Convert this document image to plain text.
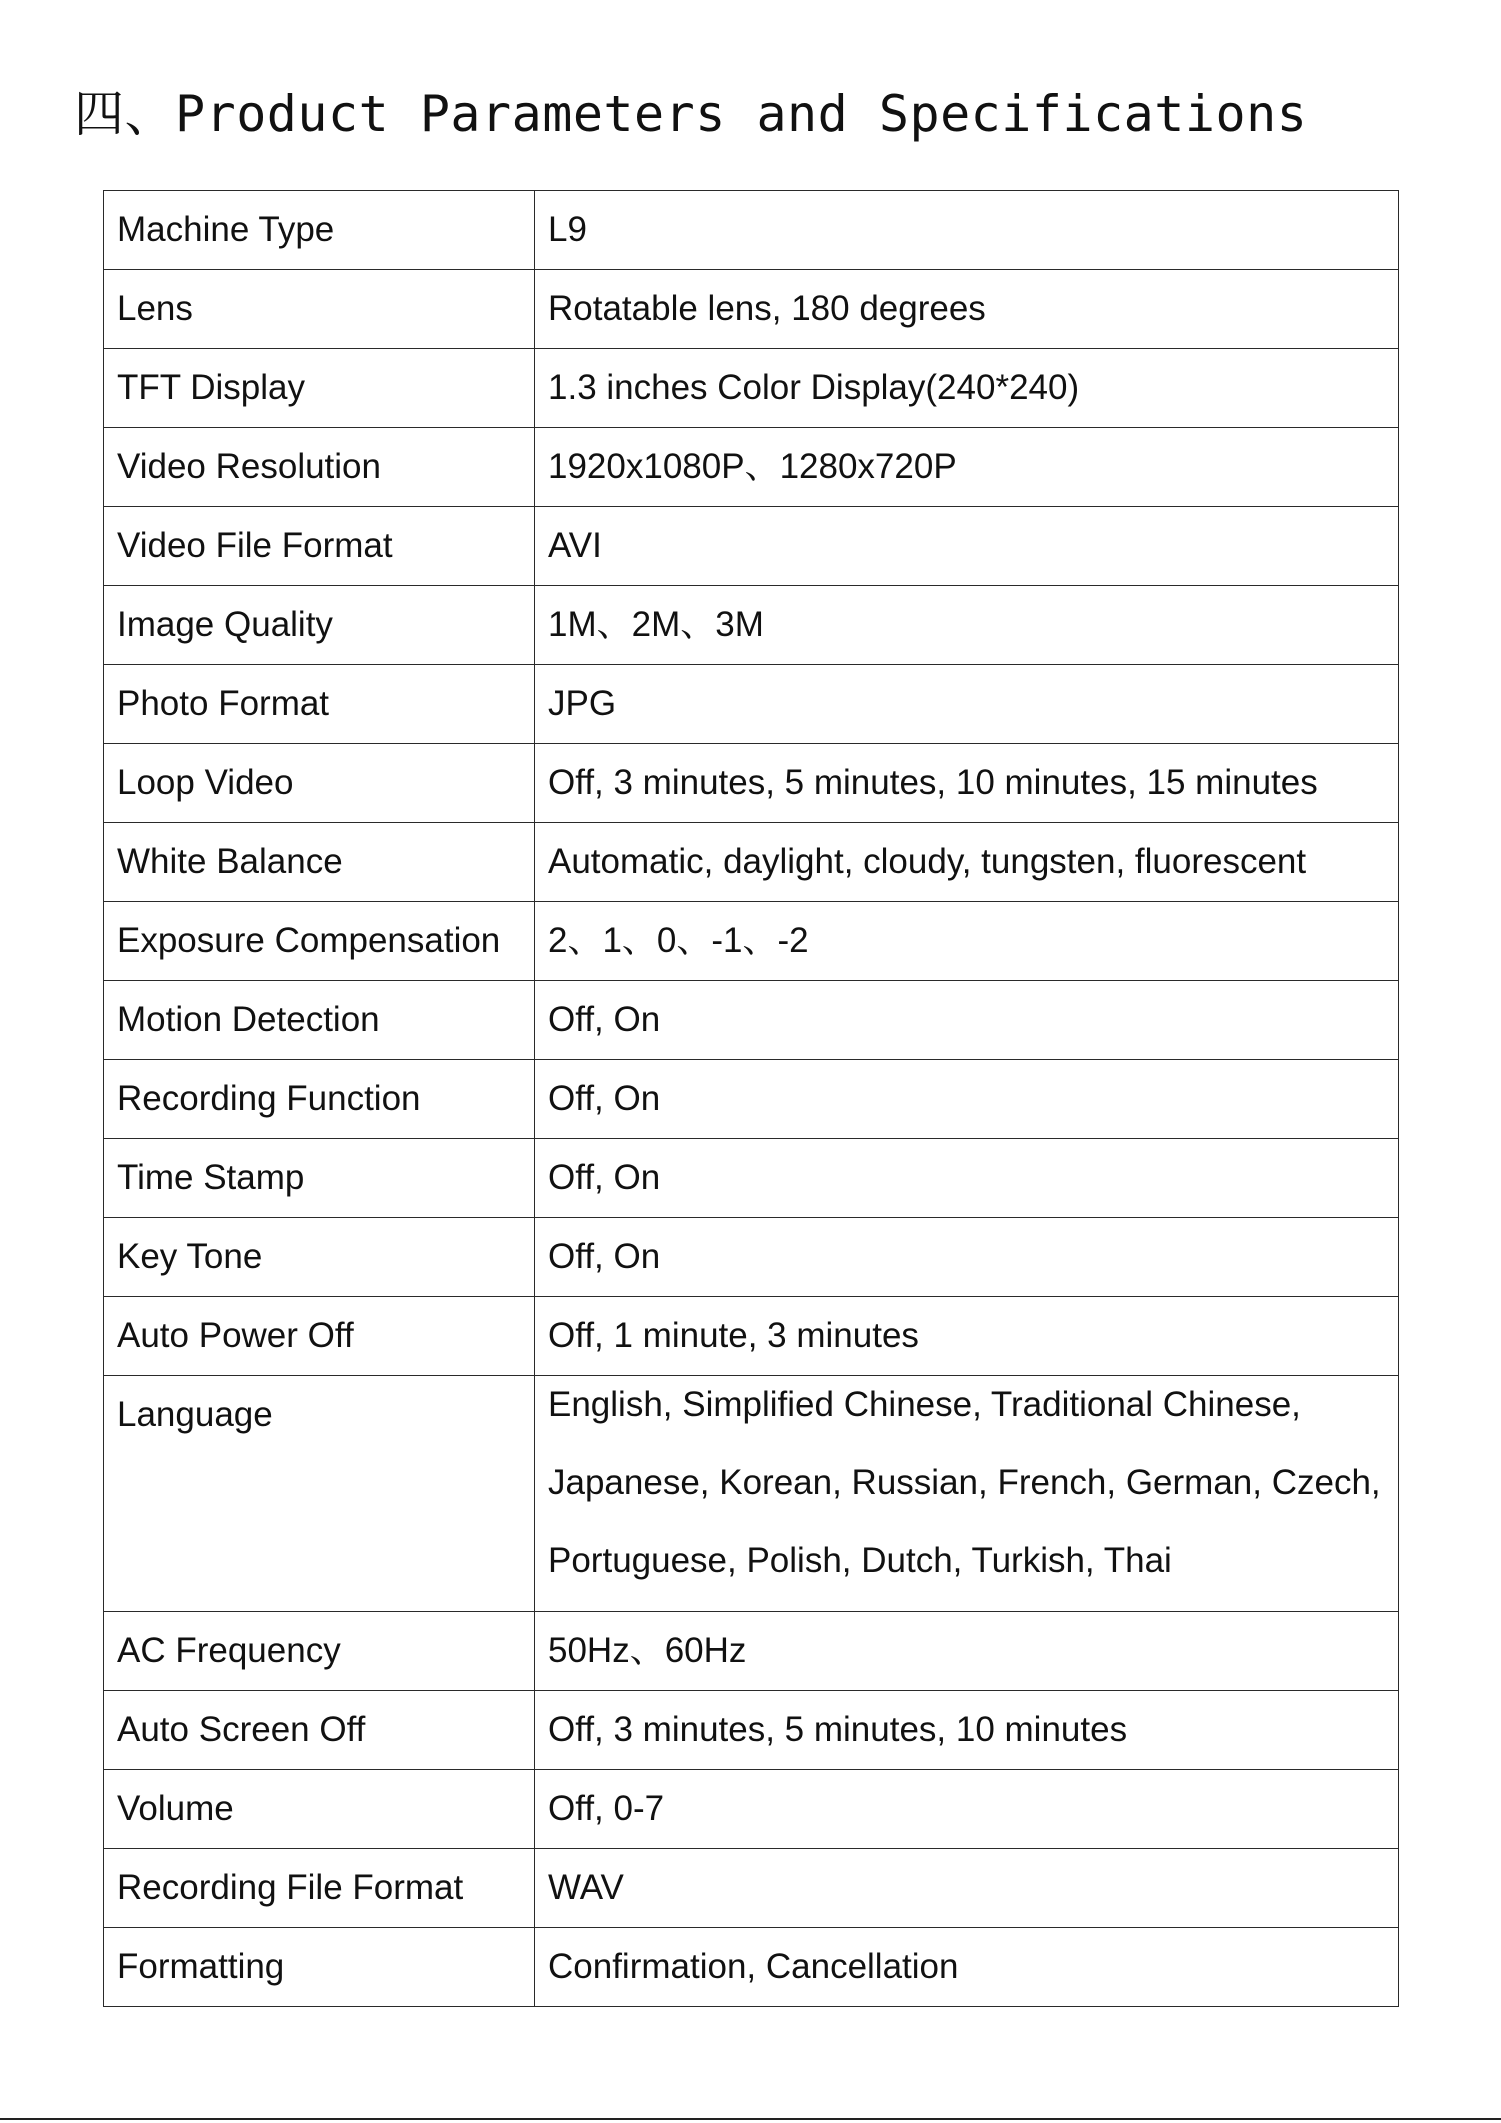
四、Product Parameters and Specifications
Machine Type	L9

Lens	Rotatable lens, 180 degrees

TFT Display	1.3 inches Color Display(240*240)

Video Resolution	1920x1080P、1280x720P

Video File Format	AVI

Image Quality	1M、2M、3M

Photo Format	JPG

Loop Video	Off, 3 minutes, 5 minutes, 10 minutes, 15 minutes

White Balance	Automatic, daylight, cloudy, tungsten, fluorescent

Exposure Compensation	2、1、0、-1、-2

Motion Detection	Off, On

Recording Function	Off, On

Time Stamp	Off, On

Key Tone	Off, On

Auto Power Off	Off, 1 minute, 3 minutes

Language	English, Simplified Chinese, Traditional Chinese,
Japanese, Korean, Russian, French, German, Czech,
Portuguese, Polish, Dutch, Turkish, Thai

AC Frequency	50Hz、60Hz

Auto Screen Off	Off, 3 minutes, 5 minutes, 10 minutes

Volume	Off, 0-7

Recording File Format	WAV

Formatting	Confirmation, Cancellation
